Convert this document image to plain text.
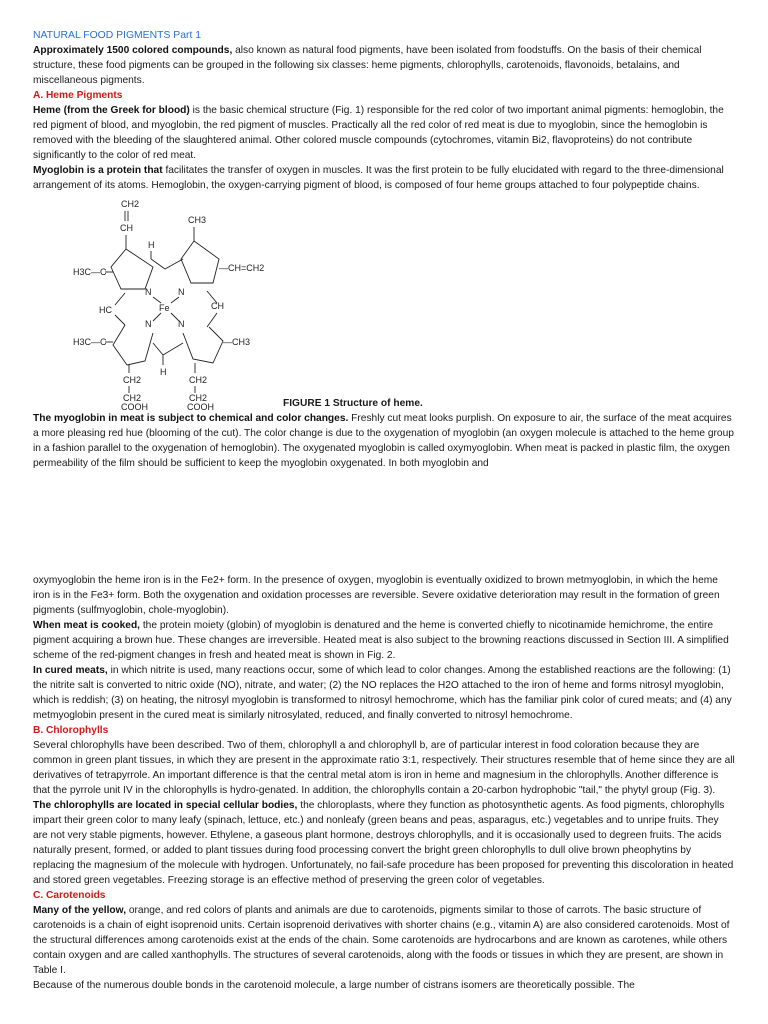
NATURAL FOOD PIGMENTS Part 1

Approximately 1500 colored compounds, also known as natural food pigments, have been isolated from foodstuffs. On the basis of their chemical structure, these food pigments can be grouped in the following six classes: heme pigments, chlorophylls, carotenoids, flavonoids, betalains, and miscellaneous pigments.

A. Heme Pigments

Heme (from the Greek for blood) is the basic chemical structure (Fig. 1) responsible for the red color of two important animal pigments: hemoglobin, the red pigment of blood, and myoglobin, the red pigment of muscles. Practically all the red color of red meat is due to myoglobin, since the hemoglobin is removed with the bleeding of the slaughtered animal. Other colored muscle compounds (cytochromes, vitamin Bi2, flavoproteins) do not contribute significantly to the color of red meat.

Myoglobin is a protein that facilitates the transfer of oxygen in muscles. It was the first protein to be fully elucidated with regard to the three-dimensional arrangement of its atoms. Hemoglobin, the oxygen-carrying pigment of blood, is composed of four heme groups attached to four polypeptide chains.

CH2
CH
CH3
H
—CH=CH2
H3C—C
N	N
Fe
N	N
HC	CH
H3C—C	—CH3
H
CH2
CH2
CH2
CH2
COOH	COOH	FIGURE 1 Structure of heme.

The myoglobin in meat is subject to chemical and color changes. Freshly cut meat looks purplish. On exposure to air, the surface of the meat acquires a more pleasing red hue (blooming of the cut). The color change is due to the oxygenation of myoglobin (an oxygen molecule is attached to the heme group in a fashion parallel to the oxygenation of hemoglobin). The oxygenated myoglobin is called oxymyoglobin. When meat is packed in plastic film, the oxygen permeability of the film should be sufficient to keep the myoglobin oxygenated. In both myoglobin and

oxymyoglobin the heme iron is in the Fe2+ form. In the presence of oxygen, myoglobin is eventually oxidized to brown metmyoglobin, in which the heme iron is in the Fe3+ form. Both the oxygenation and oxidation processes are reversible. Severe oxidative deterioration may result in the formation of green pigments (sulfmyoglobin, chole-myoglobin).

When meat is cooked, the protein moiety (globin) of myoglobin is denatured and the heme is converted chiefly to nicotinamide hemichrome, the entire pigment acquiring a brown hue. These changes are irreversible. Heated meat is also subject to the browning reactions discussed in Section III. A simplified scheme of the red-pigment changes in fresh and heated meat is shown in Fig. 2.

In cured meats, in which nitrite is used, many reactions occur, some of which lead to color changes. Among the established reactions are the following: (1) the nitrite salt is converted to nitric oxide (NO), nitrate, and water; (2) the NO replaces the H2O attached to the iron of heme and forms nitrosyl myoglobin, which is reddish; (3) on heating, the nitrosyl myoglobin is transformed to nitrosyl hemochrome, which has the familiar pink color of cured meats; and (4) any metmyoglobin present in the cured meat is similarly nitrosylated, reduced, and finally converted to nitrosyl hemochrome.

B. Chlorophylls

Several chlorophylls have been described. Two of them, chlorophyll a and chlorophyll b, are of particular interest in food coloration because they are common in green plant tissues, in which they are present in the approximate ratio 3:1, respectively. Their structures resemble that of heme since they are all derivatives of tetrapyrrole. An important difference is that the central metal atom is iron in heme and magnesium in the chlorophylls. Another difference is that the pyrrole unit IV in the chlorophylls is hydro-genated. In addition, the chlorophylls contain a 20-carbon hydrophobic "tail," the phytyl group (Fig. 3).

The chlorophylls are located in special cellular bodies, the chloroplasts, where they function as photosynthetic agents. As food pigments, chlorophylls impart their green color to many leafy (spinach, lettuce, etc.) and nonleafy (green beans and peas, asparagus, etc.) vegetables and to unripe fruits. They are not very stable pigments, however. Ethylene, a gaseous plant hormone, destroys chlorophylls, and it is occasionally used to degreen fruits. The acids naturally present, formed, or added to plant tissues during food processing convert the bright green chlorophylls to dull olive brown pheophytins by replacing the magnesium of the molecule with hydrogen. Unfortunately, no fail-safe procedure has been proposed for preventing this discoloration in heated and stored green vegetables. Freezing storage is an effective method of preserving the green color of vegetables.

C. Carotenoids

Many of the yellow, orange, and red colors of plants and animals are due to carotenoids, pigments similar to those of carrots. The basic structure of carotenoids is a chain of eight isoprenoid units. Certain isoprenoid derivatives with shorter chains (e.g., vitamin A) are also considered carotenoids. Most of the structural differences among carotenoids exist at the ends of the chain. Some carotenoids are hydrocarbons and are known as carotenes, while others contain oxygen and are called xanthophylls. The structures of several carotenoids, along with the foods or tissues in which they are present, are shown in Table I.

Because of the numerous double bonds in the carotenoid molecule, a large number of cistrans isomers are theoretically possible. The
